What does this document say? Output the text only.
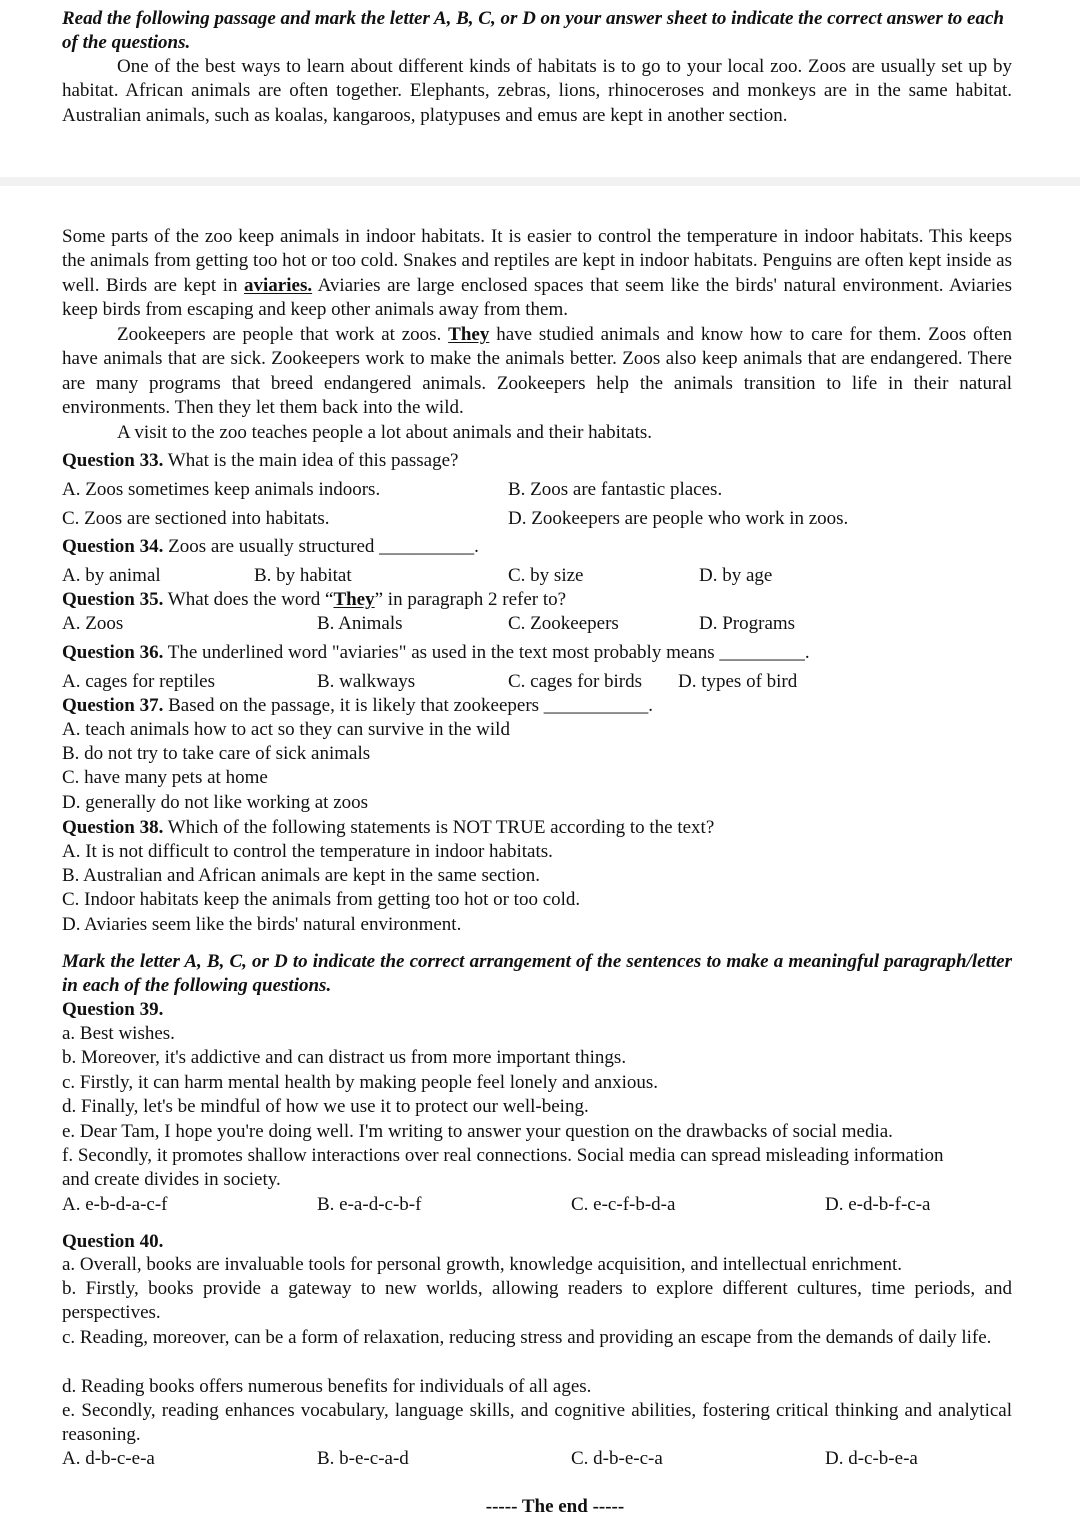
Read the following passage and mark the letter A, B, C, or D on your answer sheet to indicate the correct answer to each of the questions.
One of the best ways to learn about different kinds of habitats is to go to your local zoo. Zoos are usually set up by habitat. African animals are often together. Elephants, zebras, lions, rhinoceroses and monkeys are in the same habitat. Australian animals, such as koalas, kangaroos, platypuses and emus are kept in another section.
Some parts of the zoo keep animals in indoor habitats. It is easier to control the temperature in indoor habitats. This keeps the animals from getting too hot or too cold. Snakes and reptiles are kept in indoor habitats. Penguins are often kept inside as well. Birds are kept in aviaries. Aviaries are large enclosed spaces that seem like the birds' natural environment. Aviaries keep birds from escaping and keep other animals away from them.
Zookeepers are people that work at zoos. They have studied animals and know how to care for them. Zoos often have animals that are sick. Zookeepers work to make the animals better. Zoos also keep animals that are endangered. There are many programs that breed endangered animals. Zookeepers help the animals transition to life in their natural environments. Then they let them back into the wild.
A visit to the zoo teaches people a lot about animals and their habitats.
Question 33. What is the main idea of this passage?
A. Zoos sometimes keep animals indoors.	B. Zoos are fantastic places.
C. Zoos are sectioned into habitats.	D. Zookeepers are people who work in zoos.
Question 34. Zoos are usually structured __________.
A. by animal	B. by habitat	C. by size	D. by age
Question 35. What does the word “They” in paragraph 2 refer to?
A. Zoos	B. Animals	C. Zookeepers	D. Programs
Question 36. The underlined word "aviaries" as used in the text most probably means _________.
A. cages for reptiles	B. walkways	C. cages for birds D. types of bird
Question 37. Based on the passage, it is likely that zookeepers ___________.
A. teach animals how to act so they can survive in the wild
B. do not try to take care of sick animals
C. have many pets at home
D. generally do not like working at zoos
Question 38. Which of the following statements is NOT TRUE according to the text?
A. It is not difficult to control the temperature in indoor habitats.
B. Australian and African animals are kept in the same section.
C. Indoor habitats keep the animals from getting too hot or too cold.
D. Aviaries seem like the birds' natural environment.
Mark the letter A, B, C, or D to indicate the correct arrangement of the sentences to make a meaningful paragraph/letter in each of the following questions.
Question 39.
a. Best wishes.
b. Moreover, it's addictive and can distract us from more important things.
c. Firstly, it can harm mental health by making people feel lonely and anxious.
d. Finally, let's be mindful of how we use it to protect our well-being.
e. Dear Tam, I hope you're doing well. I'm writing to answer your question on the drawbacks of social media.
f. Secondly, it promotes shallow interactions over real connections. Social media can spread misleading information and create divides in society.
A. e-b-d-a-c-f	B. e-a-d-c-b-f	C. e-c-f-b-d-a	D. e-d-b-f-c-a
Question 40.
a. Overall, books are invaluable tools for personal growth, knowledge acquisition, and intellectual enrichment.
b. Firstly, books provide a gateway to new worlds, allowing readers to explore different cultures, time periods, and perspectives.
c. Reading, moreover, can be a form of relaxation, reducing stress and providing an escape from the demands of daily life.
d. Reading books offers numerous benefits for individuals of all ages.
e. Secondly, reading enhances vocabulary, language skills, and cognitive abilities, fostering critical thinking and analytical reasoning.
A. d-b-c-e-a	B. b-e-c-a-d	C. d-b-e-c-a	D. d-c-b-e-a
----- The end -----
